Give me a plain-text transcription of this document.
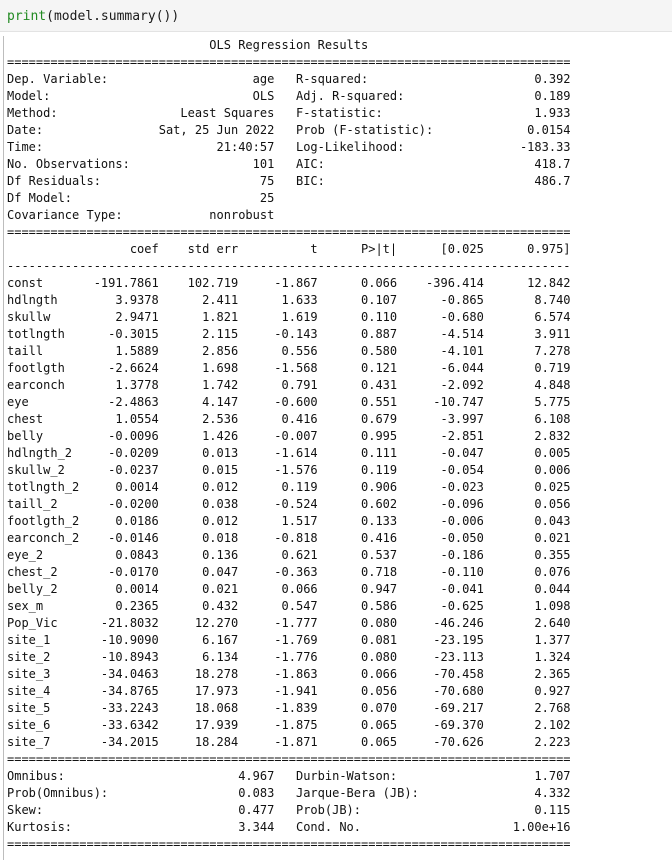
print(model.summary())
OLS Regression Results
==============================================================================
Dep. Variable:                    age   R-squared:                       0.392
Model:                            OLS   Adj. R-squared:                  0.189
Method:                 Least Squares   F-statistic:                     1.933
Date:                Sat, 25 Jun 2022   Prob (F-statistic):             0.0154
Time:                        21:40:57   Log-Likelihood:                -183.33
No. Observations:                 101   AIC:                             418.7
Df Residuals:                      75   BIC:                             486.7
Df Model:                          25
Covariance Type:            nonrobust
==============================================================================
coef    std err          t      P>|t|      [0.025      0.975]
------------------------------------------------------------------------------
const       -191.7861    102.719     -1.867      0.066    -396.414      12.842
hdlngth        3.9378      2.411      1.633      0.107      -0.865       8.740
skullw         2.9471      1.821      1.619      0.110      -0.680       6.574
totlngth      -0.3015      2.115     -0.143      0.887      -4.514       3.911
taill          1.5889      2.856      0.556      0.580      -4.101       7.278
footlgth      -2.6624      1.698     -1.568      0.121      -6.044       0.719
earconch       1.3778      1.742      0.791      0.431      -2.092       4.848
eye           -2.4863      4.147     -0.600      0.551     -10.747       5.775
chest          1.0554      2.536      0.416      0.679      -3.997       6.108
belly         -0.0096      1.426     -0.007      0.995      -2.851       2.832
hdlngth_2     -0.0209      0.013     -1.614      0.111      -0.047       0.005
skullw_2      -0.0237      0.015     -1.576      0.119      -0.054       0.006
totlngth_2     0.0014      0.012      0.119      0.906      -0.023       0.025
taill_2       -0.0200      0.038     -0.524      0.602      -0.096       0.056
footlgth_2     0.0186      0.012      1.517      0.133      -0.006       0.043
earconch_2    -0.0146      0.018     -0.818      0.416      -0.050       0.021
eye_2          0.0843      0.136      0.621      0.537      -0.186       0.355
chest_2       -0.0170      0.047     -0.363      0.718      -0.110       0.076
belly_2        0.0014      0.021      0.066      0.947      -0.041       0.044
sex_m          0.2365      0.432      0.547      0.586      -0.625       1.098
Pop_Vic      -21.8032     12.270     -1.777      0.080     -46.246       2.640
site_1       -10.9090      6.167     -1.769      0.081     -23.195       1.377
site_2       -10.8943      6.134     -1.776      0.080     -23.113       1.324
site_3       -34.0463     18.278     -1.863      0.066     -70.458       2.365
site_4       -34.8765     17.973     -1.941      0.056     -70.680       0.927
site_5       -33.2243     18.068     -1.839      0.070     -69.217       2.768
site_6       -33.6342     17.939     -1.875      0.065     -69.370       2.102
site_7       -34.2015     18.284     -1.871      0.065     -70.626       2.223
==============================================================================
Omnibus:                        4.967   Durbin-Watson:                   1.707
Prob(Omnibus):                  0.083   Jarque-Bera (JB):                4.332
Skew:                           0.477   Prob(JB):                        0.115
Kurtosis:                       3.344   Cond. No.                     1.00e+16
==============================================================================
